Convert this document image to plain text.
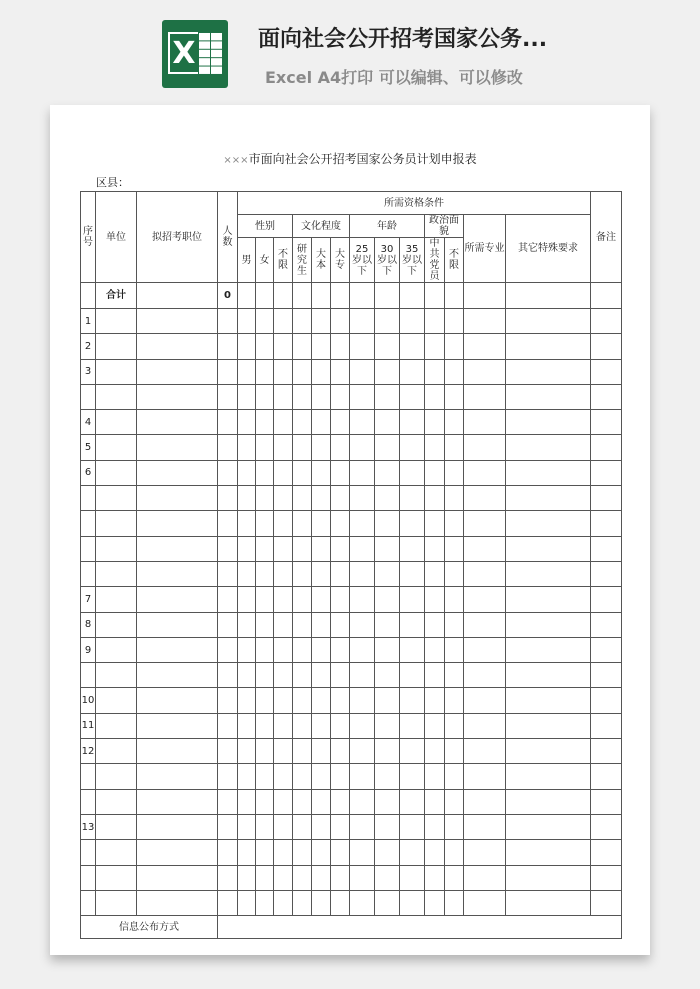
X	面向社会公开招考国家公务...
Excel A4打印 可以编辑、可以修改
×××市面向社会公开招考国家公务员计划申报表
区县：
序号	单位	拟招考职位	人数	所需资格条件													备注
				性别			文化程度			年龄			政治面貌		所需专业	其它特殊要求	
				男	女	不限	研究生	大本	大专	25 岁以下	30 岁以下	35 岁以下	中共党员	不限			
	合计		0														
1																	
2																	
3																	

4																	
5																	
6																	

7																	
8																	
9																	

10																	
11																	
12																	

13																	

信息公布方式																	
